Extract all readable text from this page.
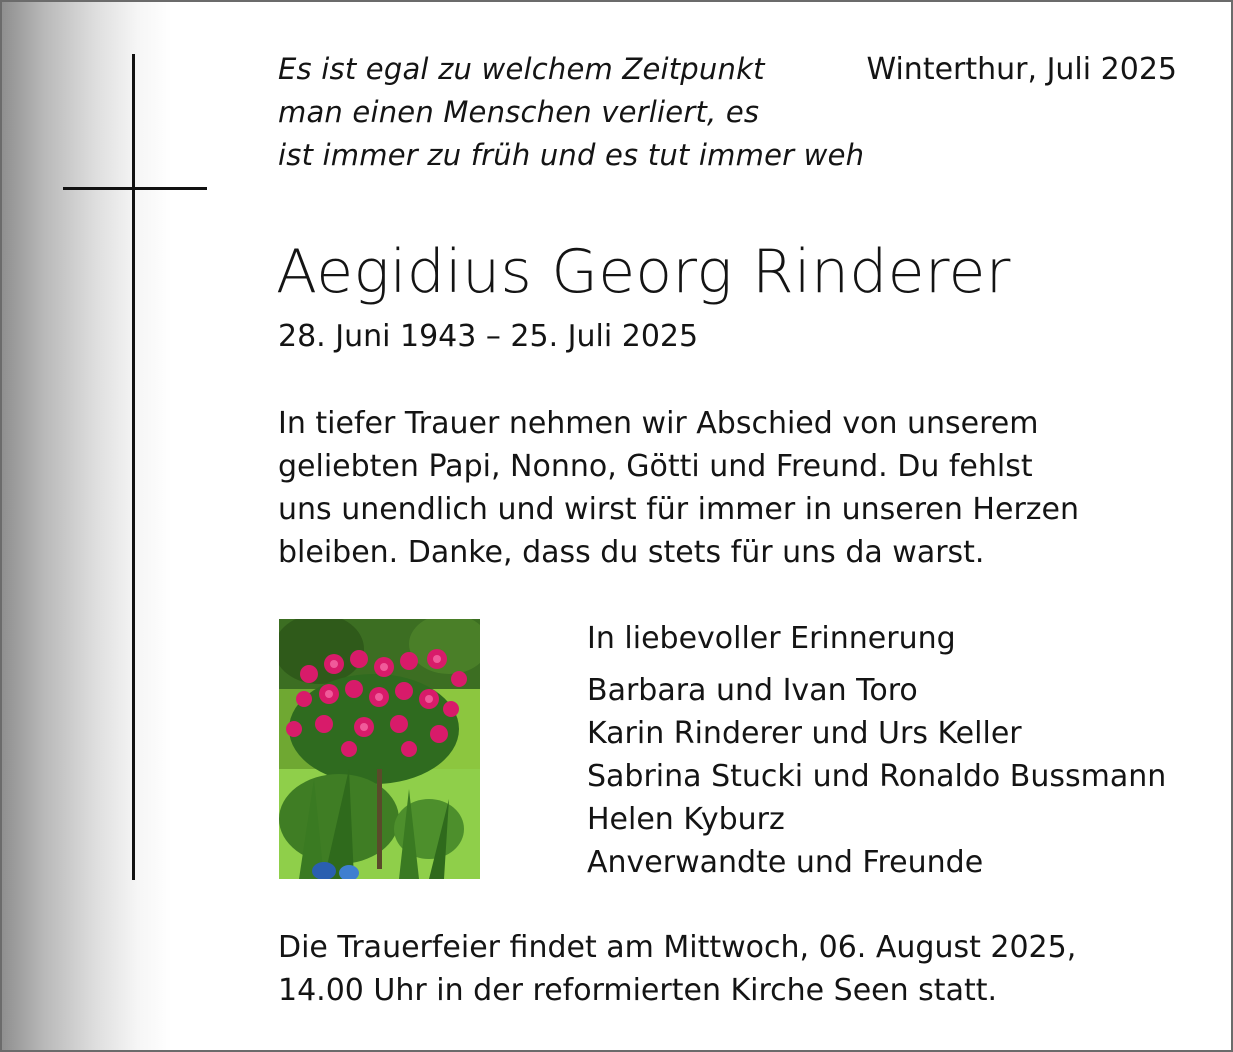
Es ist egal zu welchem Zeitpunkt
man einen Menschen verliert, es
ist immer zu früh und es tut immer weh
Winterthur, Juli 2025
Aegidius Georg Rinderer
28. Juni 1943 – 25. Juli 2025
In tiefer Trauer nehmen wir Abschied von unserem
geliebten Papi, Nonno, Götti und Freund. Du fehlst
uns unendlich und wirst für immer in unseren Herzen
bleiben. Danke, dass du stets für uns da warst.
In liebevoller Erinnerung
Barbara und Ivan Toro
Karin Rinderer und Urs Keller
Sabrina Stucki und Ronaldo Bussmann
Helen Kyburz
Anverwandte und Freunde
Die Trauerfeier findet am Mittwoch, 06. August 2025,
14.00 Uhr in der reformierten Kirche Seen statt.
